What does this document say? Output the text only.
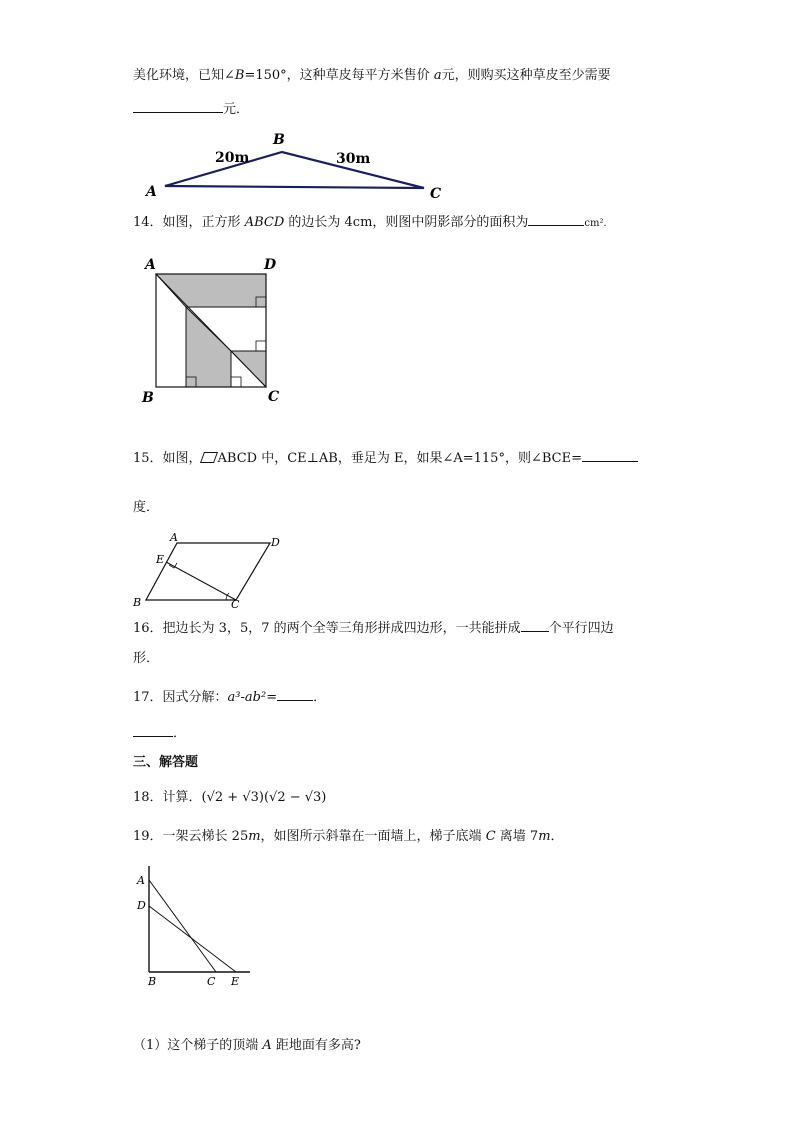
美化环境，已知∠B=150°，这种草皮每平方米售价 a元，则购买这种草皮至少需要
元．
A
B
C
20m	30m
14．如图，正方形 ABCD 的边长为 4cm，则图中阴影部分的面积为	cm²．
A	D
B	C
15．如图， ABCD 中，CE⊥AB，垂足为 E，如果∠A=115°，则∠BCE=
度．
A	D
E
B	C
16．把边长为 3，5，7 的两个全等三角形拼成四边形，一共能拼成 个平行四边
形．
17．因式分解：a³-ab²=	．
．
三、解答题
18．计算．(√2 + √3)(√2 − √3)
19．一架云梯长 25m，如图所示斜靠在一面墙上，梯子底端 C 离墙 7m．
A
D
B	C E
（1）这个梯子的顶端 A 距地面有多高?
